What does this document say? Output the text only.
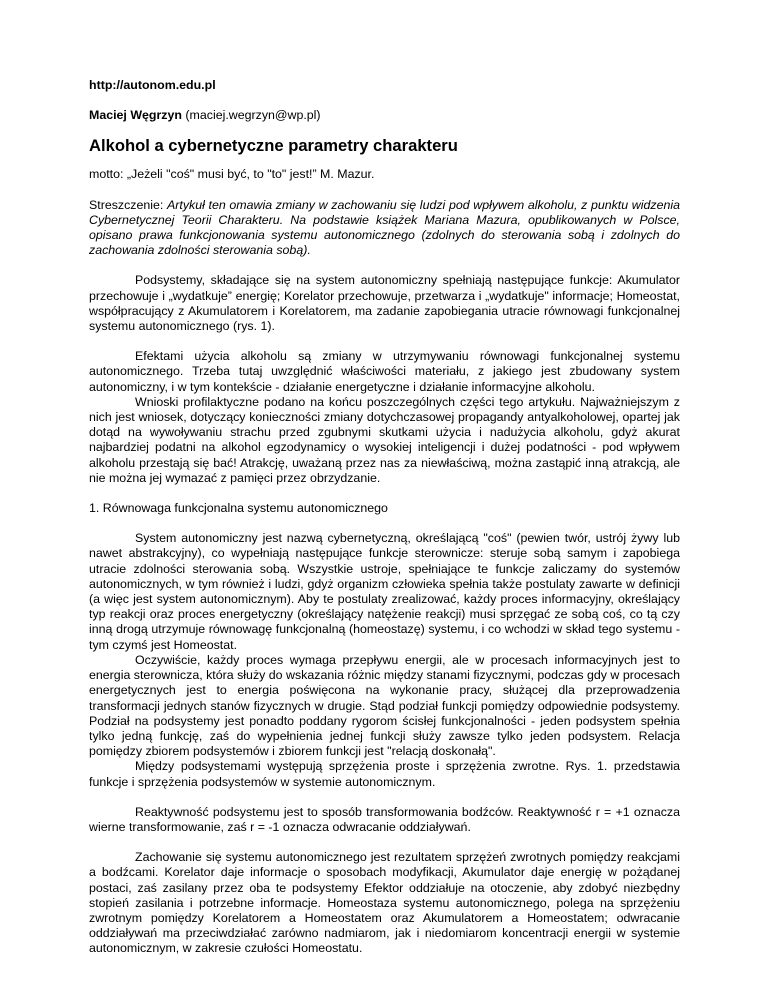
http://autonom.edu.pl

Maciej Węgrzyn (maciej.wegrzyn@wp.pl)

Alkohol a cybernetyczne parametry charakteru

motto: „Jeżeli "coś" musi być, to "to" jest!” M. Mazur.

Streszczenie: Artykuł ten omawia zmiany w zachowaniu się ludzi pod wpływem alkoholu, z punktu widzenia Cybernetycznej Teorii Charakteru. Na podstawie książek Mariana Mazura, opublikowanych w Polsce, opisano prawa funkcjonowania systemu autonomicznego (zdolnych do sterowania sobą i zdolnych do zachowania zdolności sterowania sobą).

Podsystemy, składające się na system autonomiczny spełniają następujące funkcje: Akumulator przechowuje i „wydatkuje” energię; Korelator przechowuje, przetwarza i „wydatkuje" informacje; Homeostat, współpracujący z Akumulatorem i Korelatorem, ma zadanie zapobiegania utracie równowagi funkcjonalnej systemu autonomicznego (rys. 1).

Efektami użycia alkoholu są zmiany w utrzymywaniu równowagi funkcjonalnej systemu autonomicznego. Trzeba tutaj uwzględnić właściwości materiału, z jakiego jest zbudowany system autonomiczny, i w tym kontekście - działanie energetyczne i działanie informacyjne alkoholu.

Wnioski profilaktyczne podano na końcu poszczególnych części tego artykułu. Najważniejszym z nich jest wniosek, dotyczący konieczności zmiany dotychczasowej propagandy antyalkoholowej, opartej jak dotąd na wywoływaniu strachu przed zgubnymi skutkami użycia i nadużycia alkoholu, gdyż akurat najbardziej podatni na alkohol egzodynamicy o wysokiej inteligencji i dużej podatności - pod wpływem alkoholu przestają się bać! Atrakcję, uważaną przez nas za niewłaściwą, można zastąpić inną atrakcją, ale nie można jej wymazać z pamięci przez obrzydzanie.

1. Równowaga funkcjonalna systemu autonomicznego

System autonomiczny jest nazwą cybernetyczną, określającą "coś" (pewien twór, ustrój żywy lub nawet abstrakcyjny), co wypełniają następujące funkcje sterownicze: steruje sobą samym i zapobiega utracie zdolności sterowania sobą. Wszystkie ustroje, spełniające te funkcje zaliczamy do systemów autonomicznych, w tym również i ludzi, gdyż organizm człowieka spełnia także postulaty zawarte w definicji (a więc jest system autonomicznym). Aby te postulaty zrealizować, każdy proces informacyjny, określający typ reakcji oraz proces energetyczny (określający natężenie reakcji) musi sprzęgać ze sobą coś, co tą czy inną drogą utrzymuje równowagę funkcjonalną (homeostazę) systemu, i co wchodzi w skład tego systemu - tym czymś jest Homeostat.

Oczywiście, każdy proces wymaga przepływu energii, ale w procesach informacyjnych jest to energia sterownicza, która służy do wskazania różnic między stanami fizycznymi, podczas gdy w procesach energetycznych jest to energia poświęcona na wykonanie pracy, służącej dla przeprowadzenia transformacji jednych stanów fizycznych w drugie. Stąd podział funkcji pomiędzy odpowiednie podsystemy. Podział na podsystemy jest ponadto poddany rygorom ścisłej funkcjonalności - jeden podsystem spełnia tylko jedną funkcję, zaś do wypełnienia jednej funkcji służy zawsze tylko jeden podsystem. Relacja pomiędzy zbiorem podsystemów i zbiorem funkcji jest "relacją doskonałą".

Między podsystemami występują sprzężenia proste i sprzężenia zwrotne. Rys. 1. przedstawia funkcje i sprzężenia podsystemów w systemie autonomicznym.

Reaktywność podsystemu jest to sposób transformowania bodźców. Reaktywność r = +1 oznacza wierne transformowanie, zaś r = -1 oznacza odwracanie oddziaływań.

Zachowanie się systemu autonomicznego jest rezultatem sprzężeń zwrotnych pomiędzy reakcjami a bodźcami. Korelator daje informacje o sposobach modyfikacji, Akumulator daje energię w pożądanej postaci, zaś zasilany przez oba te podsystemy Efektor oddziałuje na otoczenie, aby zdobyć niezbędny stopień zasilania i potrzebne informacje. Homeostaza systemu autonomicznego, polega na sprzężeniu zwrotnym pomiędzy Korelatorem a Homeostatem oraz Akumulatorem a Homeostatem; odwracanie oddziaływań ma przeciwdziałać zarówno nadmiarom, jak i niedomiarom koncentracji energii w systemie autonomicznym, w zakresie czułości Homeostatu.
